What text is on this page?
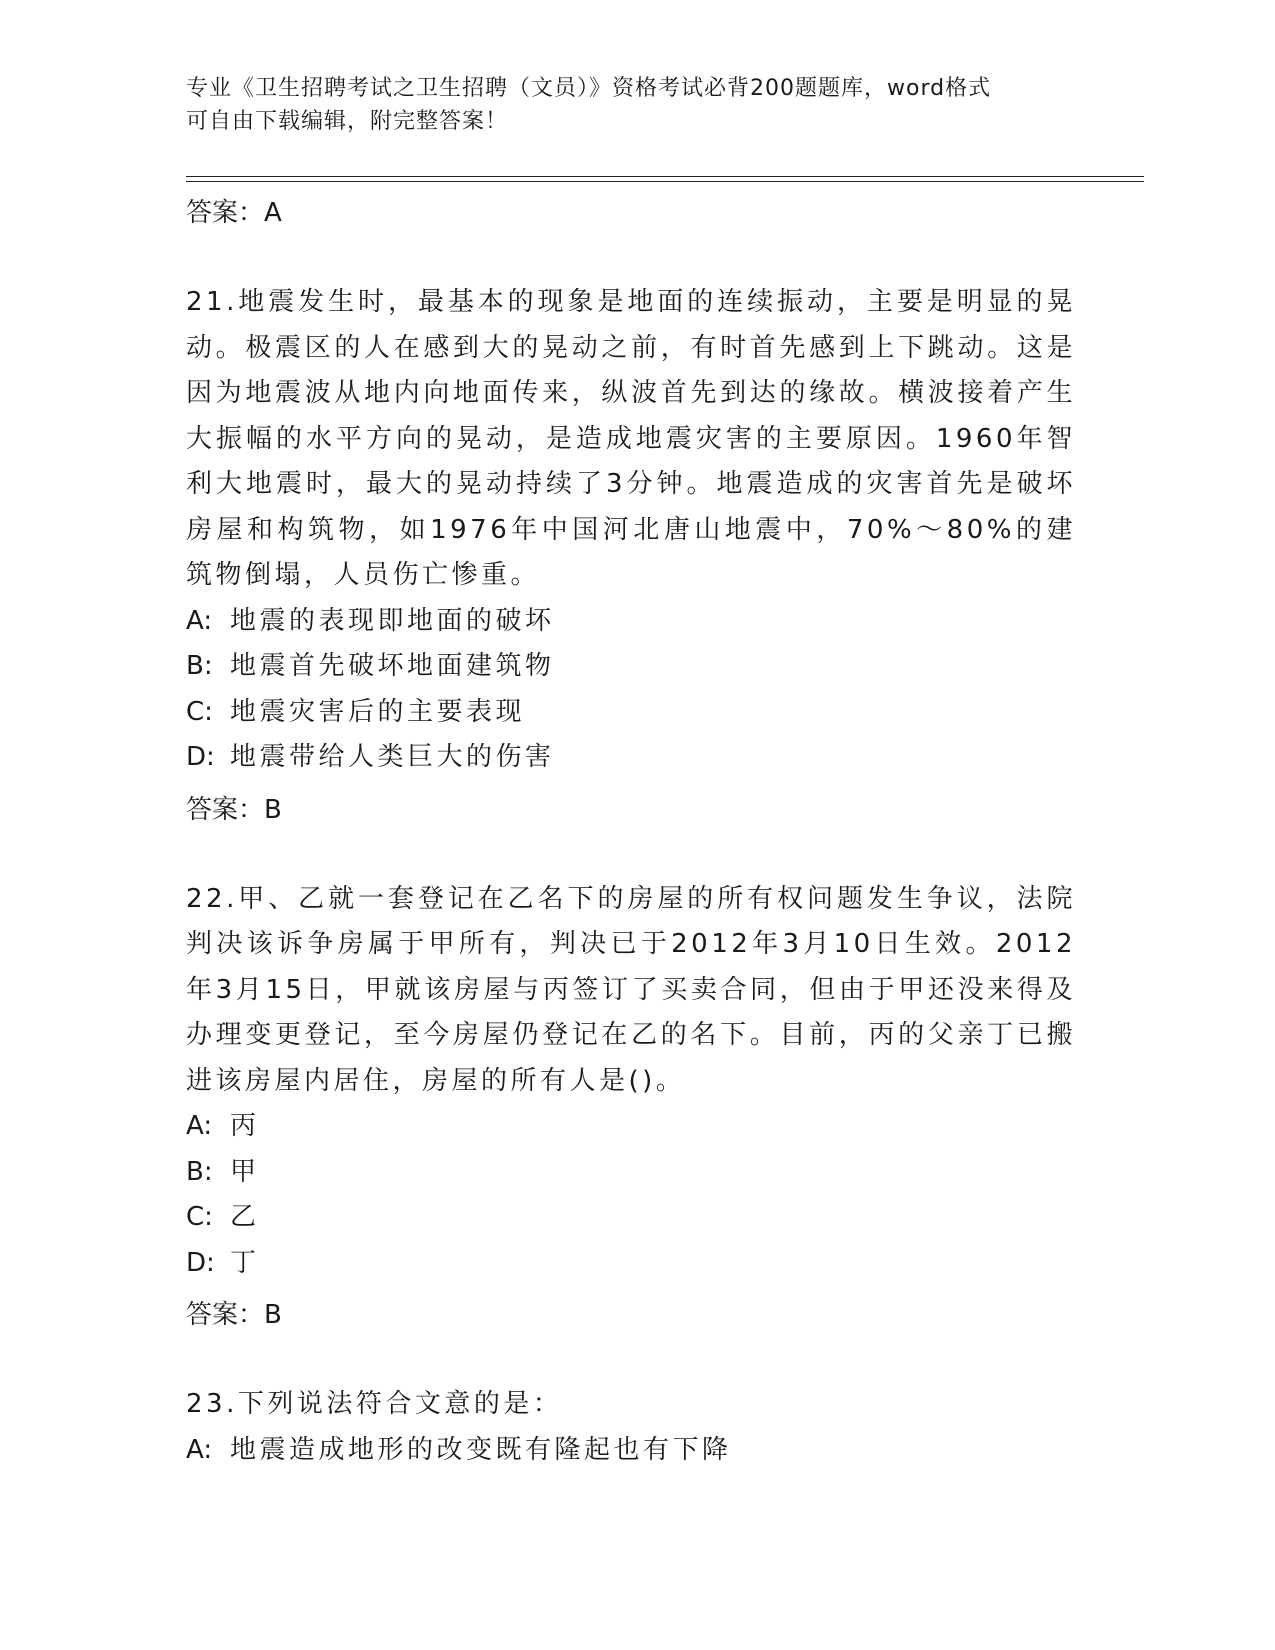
专业《卫生招聘考试之卫生招聘（文员）》资格考试必背200题题库，word格式
可自由下载编辑，附完整答案！
答案：A
21.地震发生时，最基本的现象是地面的连续振动，主要是明显的晃动。极震区的人在感到大的晃动之前，有时首先感到上下跳动。这是因为地震波从地内向地面传来，纵波首先到达的缘故。横波接着产生大振幅的水平方向的晃动，是造成地震灾害的主要原因。1960年智利大地震时，最大的晃动持续了3分钟。地震造成的灾害首先是破坏房屋和构筑物，如1976年中国河北唐山地震中，70%～80%的建筑物倒塌，人员伤亡惨重。
A: 地震的表现即地面的破坏
B: 地震首先破坏地面建筑物
C: 地震灾害后的主要表现
D: 地震带给人类巨大的伤害
答案：B
22.甲、乙就一套登记在乙名下的房屋的所有权问题发生争议，法院判决该诉争房属于甲所有，判决已于2012年3月10日生效。2012年3月15日，甲就该房屋与丙签订了买卖合同，但由于甲还没来得及办理变更登记，至今房屋仍登记在乙的名下。目前，丙的父亲丁已搬进该房屋内居住，房屋的所有人是()。
A: 丙
B: 甲
C: 乙
D: 丁
答案：B
23.下列说法符合文意的是：
A: 地震造成地形的改变既有隆起也有下降
